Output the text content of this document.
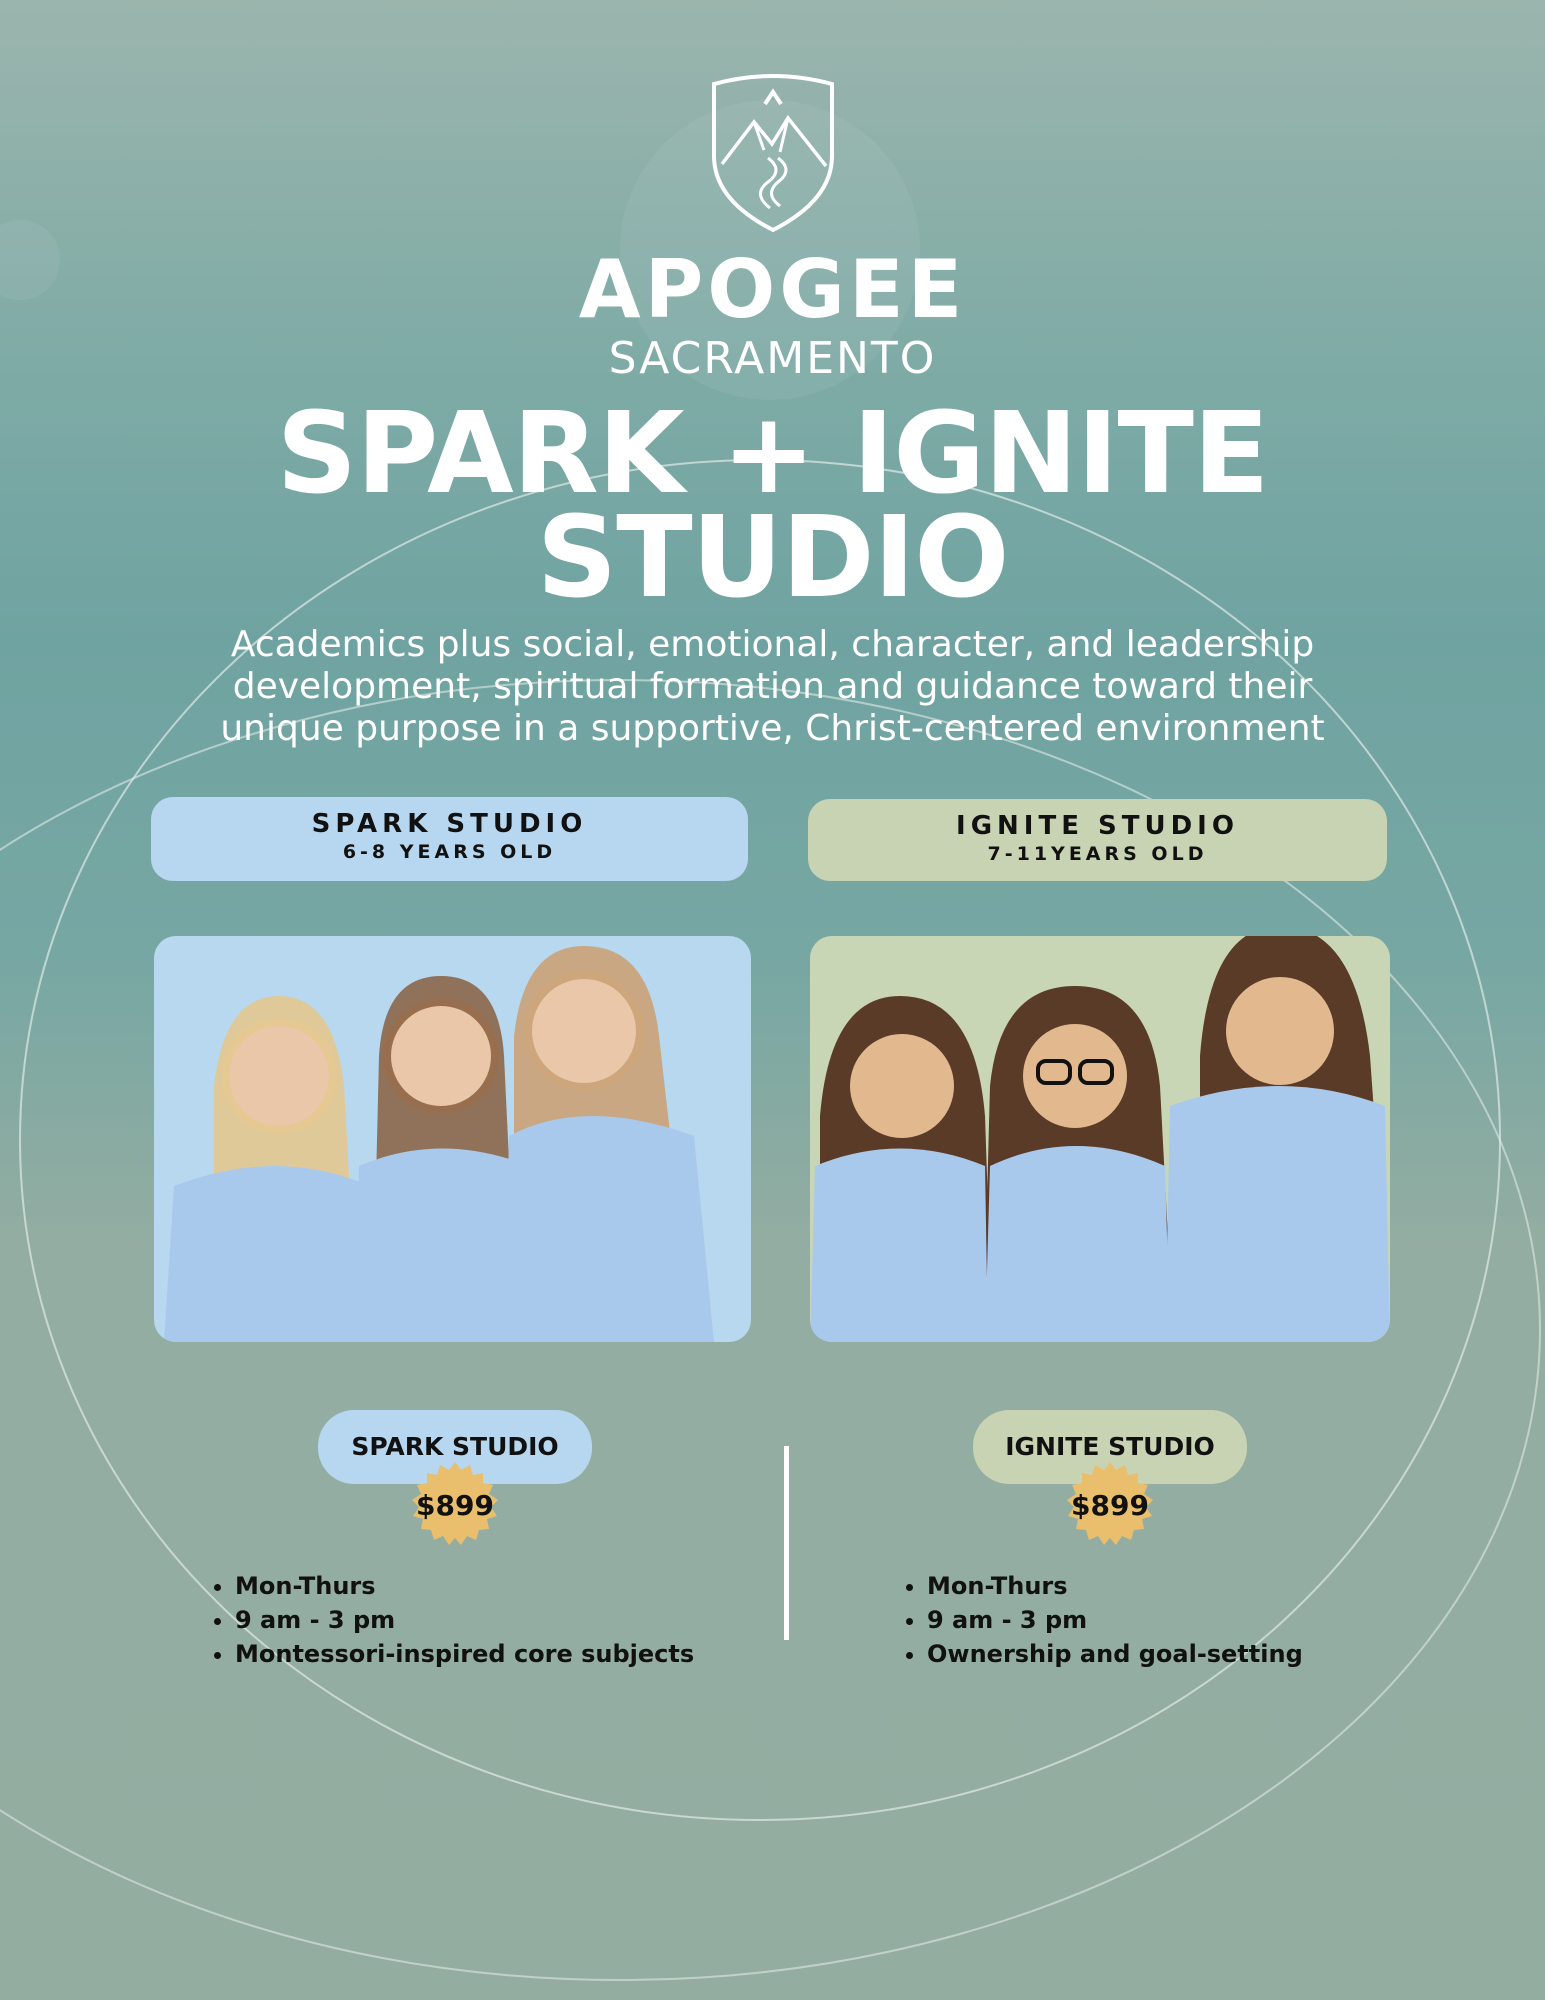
APOGEE
SACRAMENTO
SPARK + IGNITE
STUDIO
Academics plus social, emotional, character, and leadership development, spiritual formation and guidance toward their unique purpose in a supportive, Christ-centered environment
SPARK STUDIO
6-8 YEARS OLD
IGNITE STUDIO
7-11YEARS OLD
SPARK STUDIO	IGNITE STUDIO
$899	$899
• Mon-Thurs
• 9 am - 3 pm
• Montessori-inspired core subjects
• Mon-Thurs
• 9 am - 3 pm
• Ownership and goal-setting
